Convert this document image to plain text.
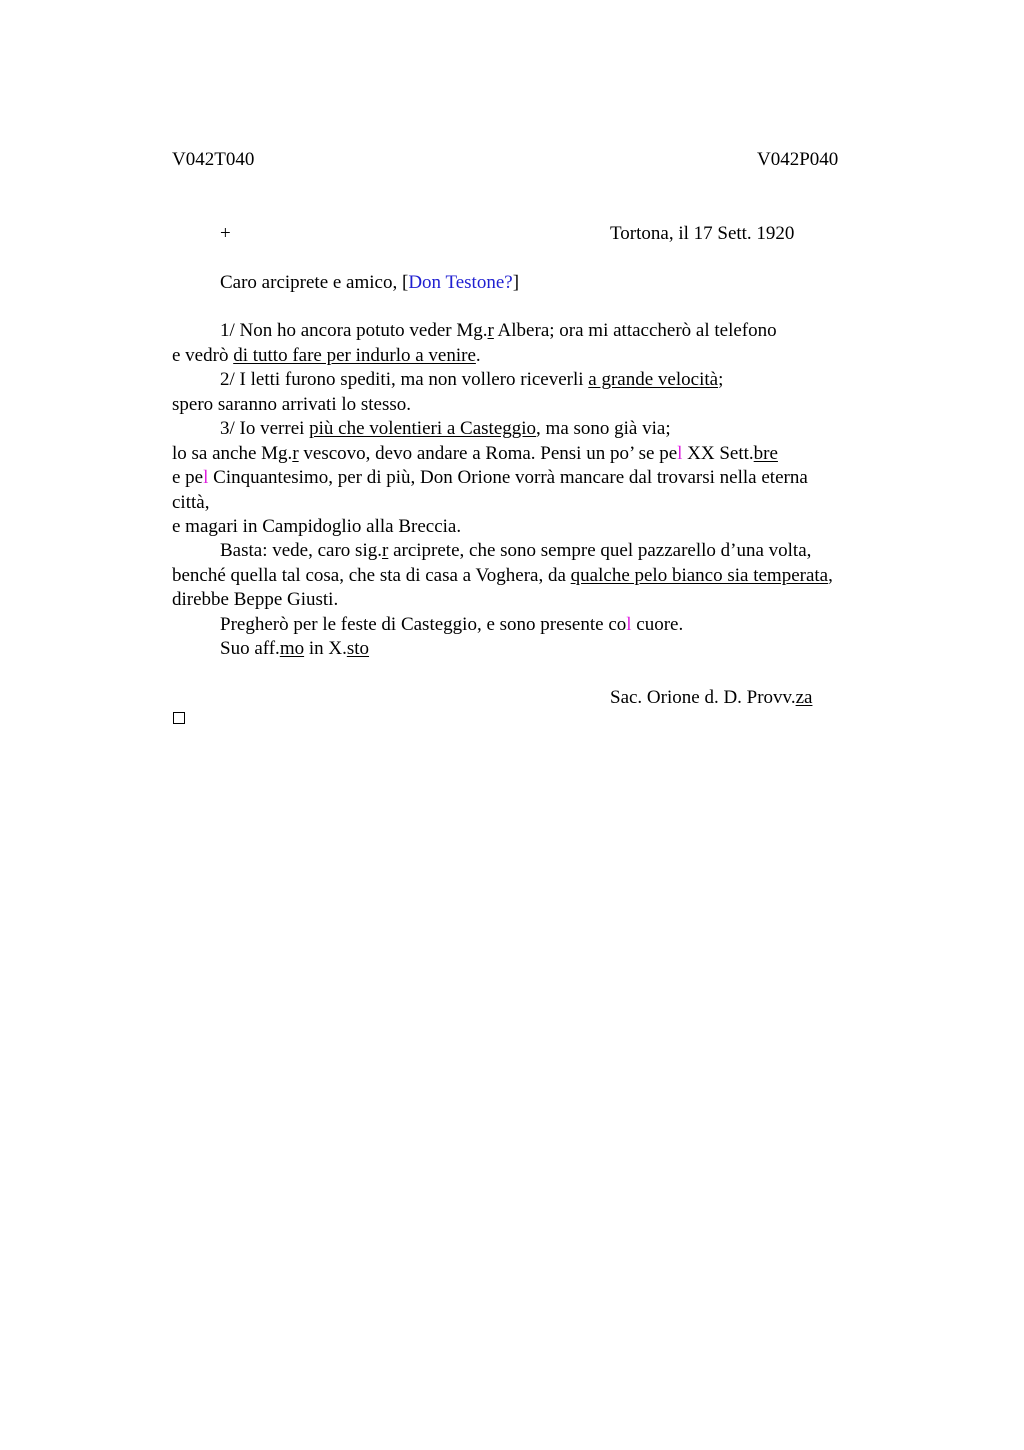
V042T040	V042P040
+	Tortona, il 17 Sett. 1920
Caro arciprete e amico, [Don Testone?]
1/ Non ho ancora potuto veder Mg.r Albera; ora mi attaccherò al telefono
e vedrò di tutto fare per indurlo a venire.
2/ I letti furono spediti, ma non vollero riceverli a grande velocità;
spero saranno arrivati lo stesso.
3/ Io verrei più che volentieri a Casteggio, ma sono già via;
lo sa anche Mg.r vescovo, devo andare a Roma. Pensi un po’ se pel XX Sett.bre
e pel Cinquantesimo, per di più, Don Orione vorrà mancare dal trovarsi nella eterna
città,
e magari in Campidoglio alla Breccia.
Basta: vede, caro sig.r arciprete, che sono sempre quel pazzarello d’una volta,
benché quella tal cosa, che sta di casa a Voghera, da qualche pelo bianco sia temperata,
direbbe Beppe Giusti.
Pregherò per le feste di Casteggio, e sono presente col cuore.
Suo aff.mo in X.sto
Sac. Orione d. D. Provv.za
